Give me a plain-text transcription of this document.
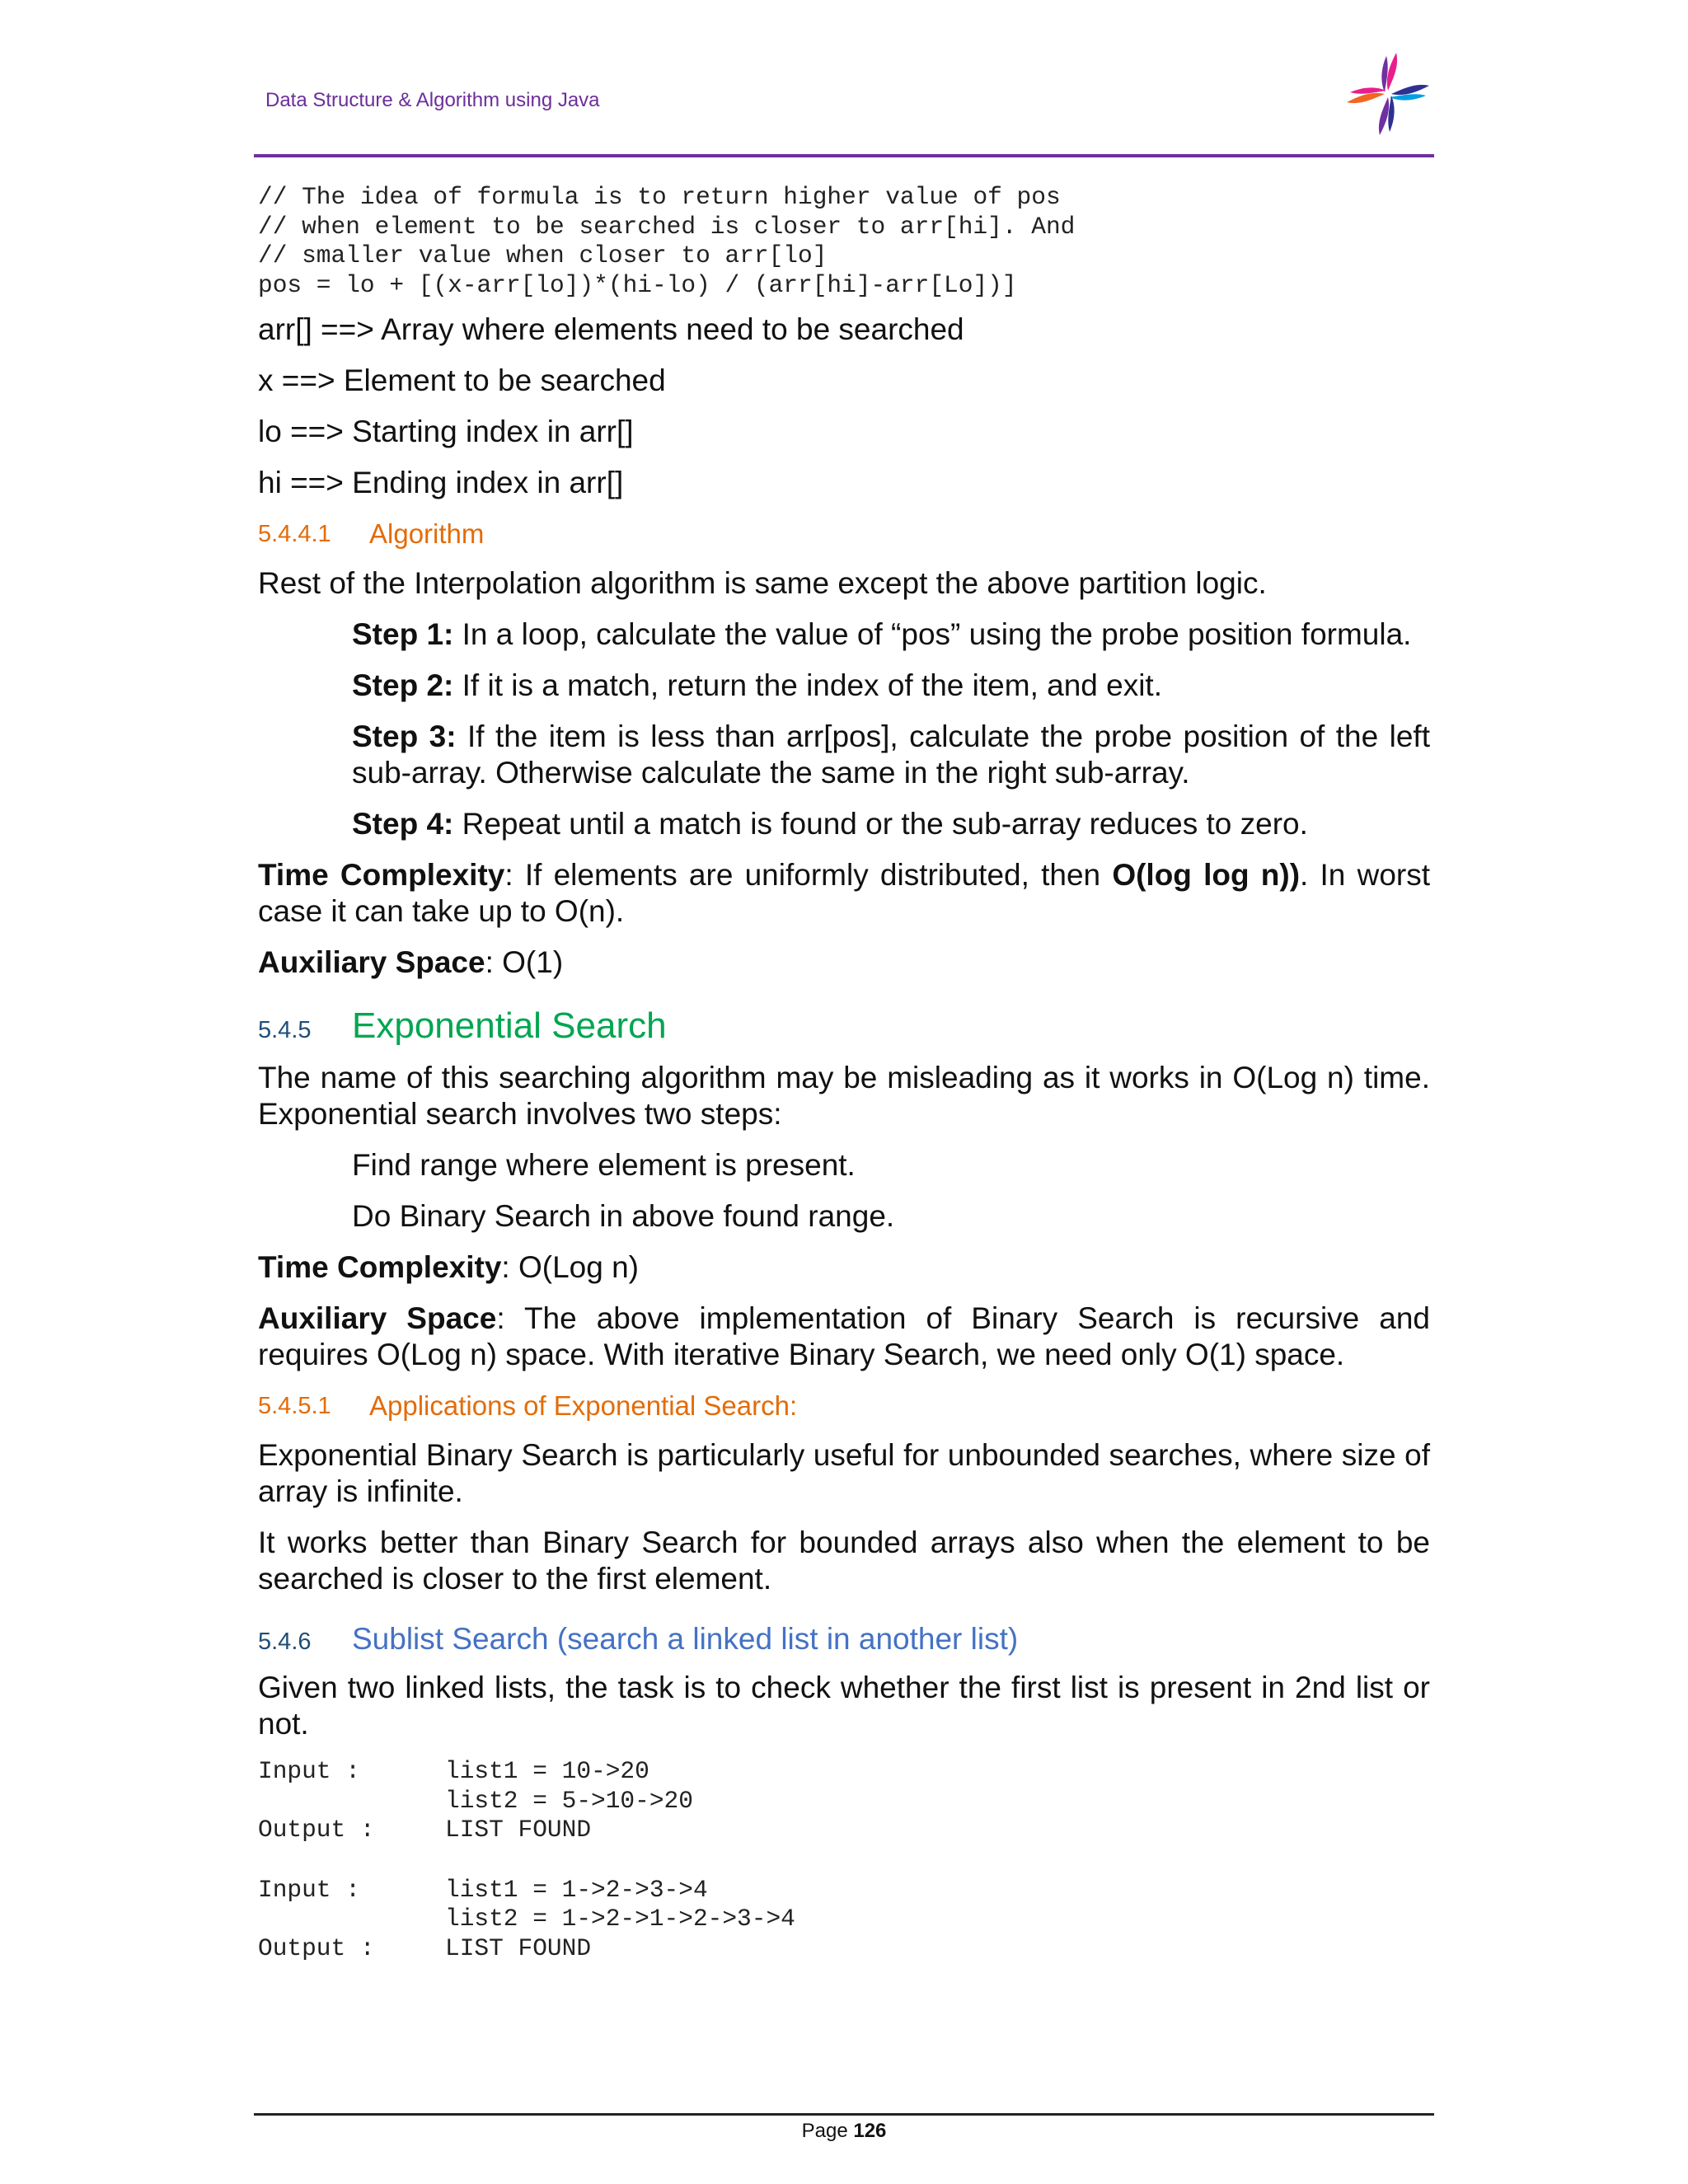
Data Structure & Algorithm using Java
// The idea of formula is to return higher value of pos
// when element to be searched is closer to arr[hi]. And
// smaller value when closer to arr[lo]
pos = lo + [(x-arr[lo])*(hi-lo) / (arr[hi]-arr[Lo])]

arr[] ==> Array where elements need to be searched

x ==> Element to be searched

lo ==> Starting index in arr[]

hi ==> Ending index in arr[]

5.4.4.1	Algorithm

Rest of the Interpolation algorithm is same except the above partition logic.

Step 1: In a loop, calculate the value of “pos” using the probe position formula.

Step 2: If it is a match, return the index of the item, and exit.

Step 3: If the item is less than arr[pos], calculate the probe position of the left sub-array. Otherwise calculate the same in the right sub-array.

Step 4: Repeat until a match is found or the sub-array reduces to zero.

Time Complexity: If elements are uniformly distributed, then O(log log n)). In worst case it can take up to O(n).

Auxiliary Space: O(1)

5.4.5	Exponential Search

The name of this searching algorithm may be misleading as it works in O(Log n) time. Exponential search involves two steps:

Find range where element is present.

Do Binary Search in above found range.

Time Complexity: O(Log n)

Auxiliary Space: The above implementation of Binary Search is recursive and requires O(Log n) space. With iterative Binary Search, we need only O(1) space.

5.4.5.1	Applications of Exponential Search:

Exponential Binary Search is particularly useful for unbounded searches, where size of array is infinite.

It works better than Binary Search for bounded arrays also when the element to be searched is closer to the first element.

5.4.6	Sublist Search (search a linked list in another list)

Given two linked lists, the task is to check whether the first list is present in 2nd list or not.

Input :	list1 = 10->20
list2 = 5->10->20
Output :	LIST FOUND
Input :	list1 = 1->2->3->4
list2 = 1->2->1->2->3->4
Output :	LIST FOUND
Page 126
